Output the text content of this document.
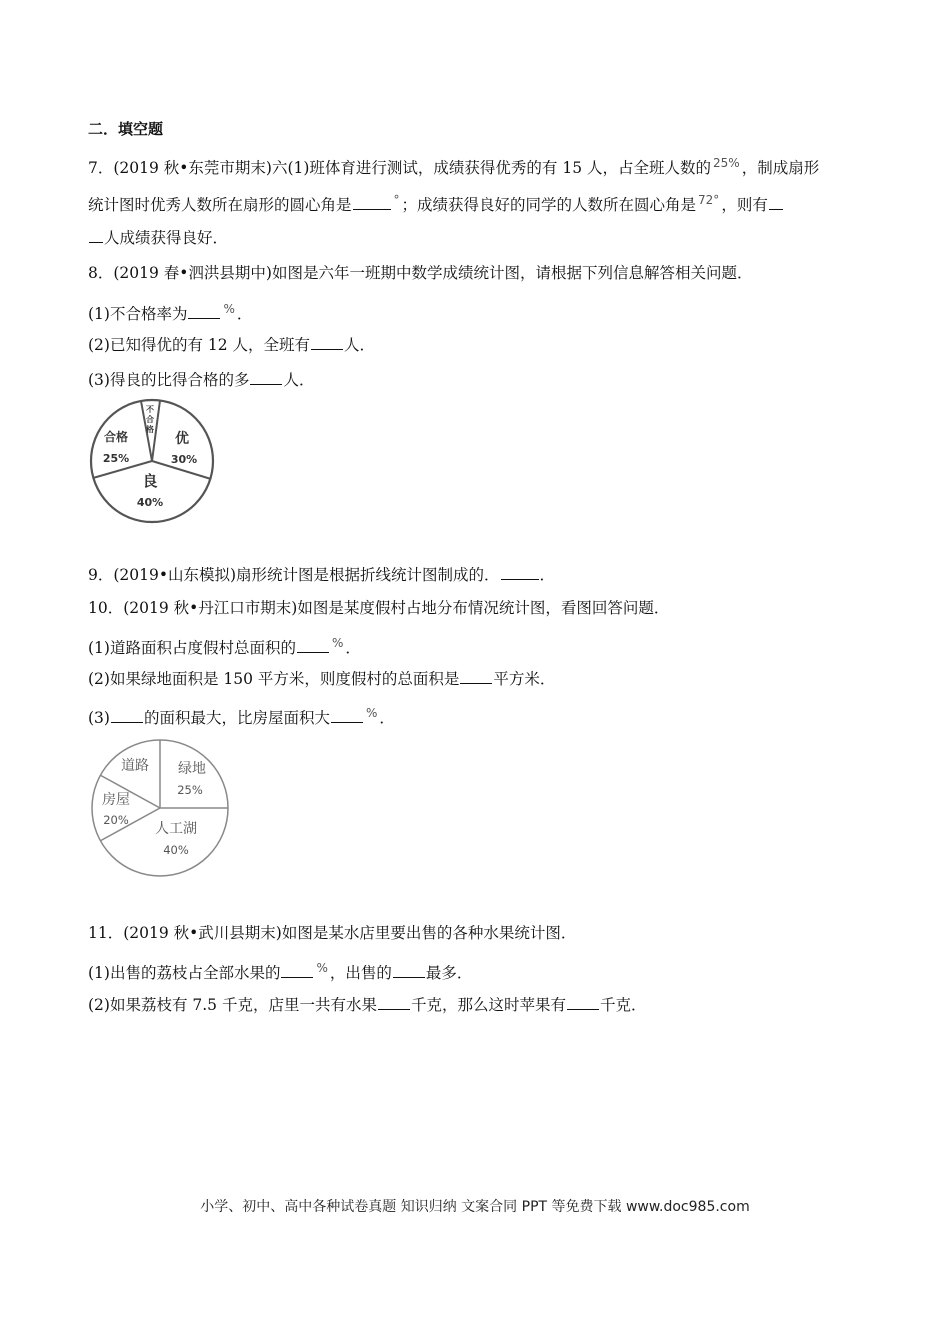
二．填空题
7．(2019 秋•东莞市期末)六(1)班体育进行测试，成绩获得优秀的有 15 人，占全班人数的 $^{25\%}$ ，制成扇形
统计图时优秀人数所在扇形的圆心角是	° ；成绩获得良好的同学的人数所在圆心角是 $^{72^\circ}$ ，则有
人成绩获得良好．
8．(2019 春•泗洪县期中)如图是六年一班期中数学成绩统计图，请根据下列信息解答相关问题．
(1)不合格率为	% ．
(2)已知得优的有 12 人，全班有 人．
(3)得良的比得合格的多 人．
优
30%
良
40%
合格
25%
不
合
格
9．(2019•山东模拟)扇形统计图是根据折线统计图制成的．	．
10．(2019 秋•丹江口市期末)如图是某度假村占地分布情况统计图，看图回答问题．
(1)道路面积占度假村总面积的	% ．
(2)如果绿地面积是 150 平方米，则度假村的总面积是 平方米．
(3) 的面积最大，比房屋面积大	% ．
绿地
25%
人工湖
40%
房屋
20%
道路
11．(2019 秋•武川县期末)如图是某水店里要出售的各种水果统计图．
(1)出售的荔枝占全部水果的	% ，出售的 最多．
(2)如果荔枝有 7.5 千克，店里一共有水果 千克，那么这时苹果有 千克．
小学、初中、高中各种试卷真题 知识归纳 文案合同 PPT 等免费下载 www.doc985.com
